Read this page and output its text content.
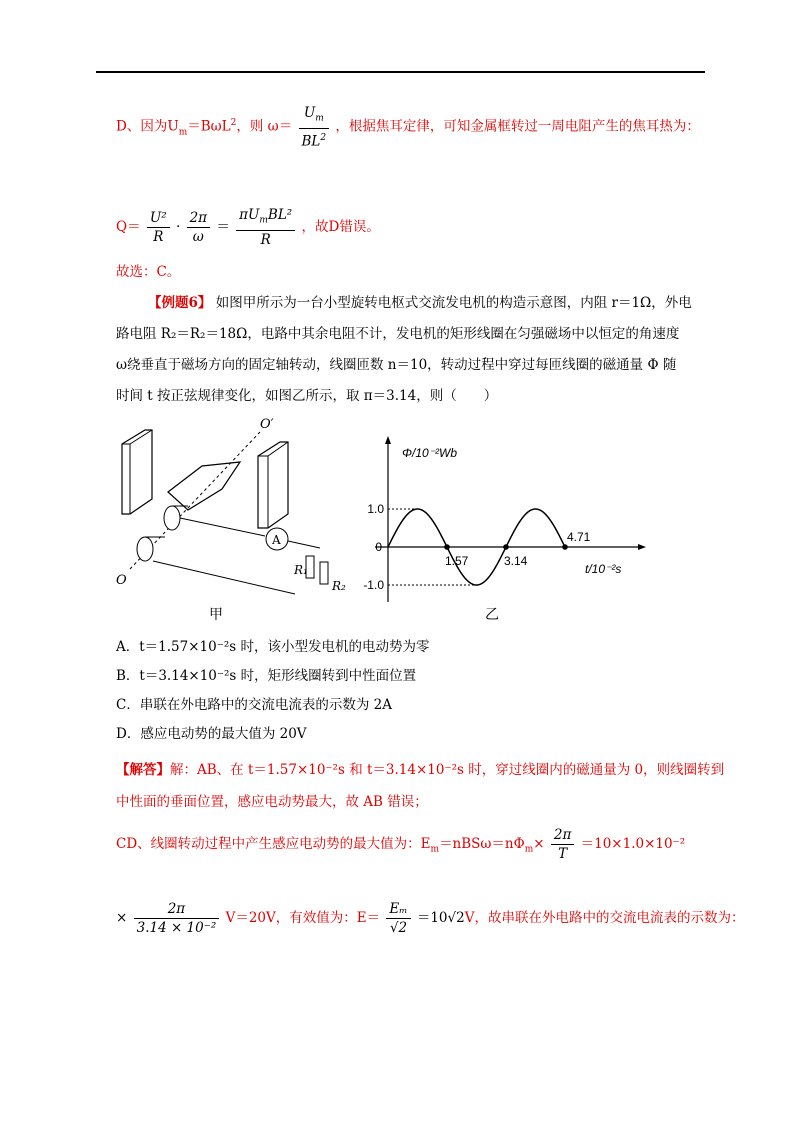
D、因为$U_m=B\omega L^2$，则 $\omega= \frac{U_m}{BL^2}$ ，根据焦耳定律，可知金属框转过一周电阻产生的焦耳热为：
$Q= \frac{\text{U²}}{R} \cdot \frac{2\pi}{\omega} = \frac{\pi U_mBL^2}{R}$ ，故D错误。
故选：C。
【例题6】 如图甲所示为一台小型旋转电枢式交流发电机的构造示意图，内阻 r＝1Ω，外电
路电阻 R₂＝R₂＝18Ω，电路中其余电阻不计，发电机的矩形线圈在匀强磁场中以恒定的角速度
ω绕垂直于磁场方向的固定轴转动，线圈匝数 n＝10，转动过程中穿过每匝线圈的磁通量 Φ 随
时间 t 按正弦规律变化，如图乙所示，取 π＝3.14，则（　　）
O′
O
A
R₁
R₂
甲
Φ/10⁻²Wb
t/10⁻²s
1.0
-1.0
0
1.57	3.14
4.71
乙
A．t＝1.57×10⁻²s 时，该小型发电机的电动势为零
B．t＝3.14×10⁻²s 时，矩形线圈转到中性面位置
C．串联在外电路中的交流电流表的示数为 2A
D．感应电动势的最大值为 20V
【解答】解：AB、在 t＝1.57×10⁻²s 和 t＝3.14×10⁻²s 时，穿过线圈内的磁通量为 0，则线圈转到
中性面的垂面位置，感应电动势最大，故 AB 错误；
CD、线圈转动过程中产生感应电动势的最大值为：$E_m=nBS\omega=n\Phi_m\times \frac{2\pi}{T} =10\times 1.0\times 10^{-2}$
× $\frac{2\pi}{\text{3.14 × 10⁻²}} V=20V$，有效值为：$E= \frac{\text{Eₘ}}{√2} =10√2V$，故串联在外电路中的交流电流表的示数为：
